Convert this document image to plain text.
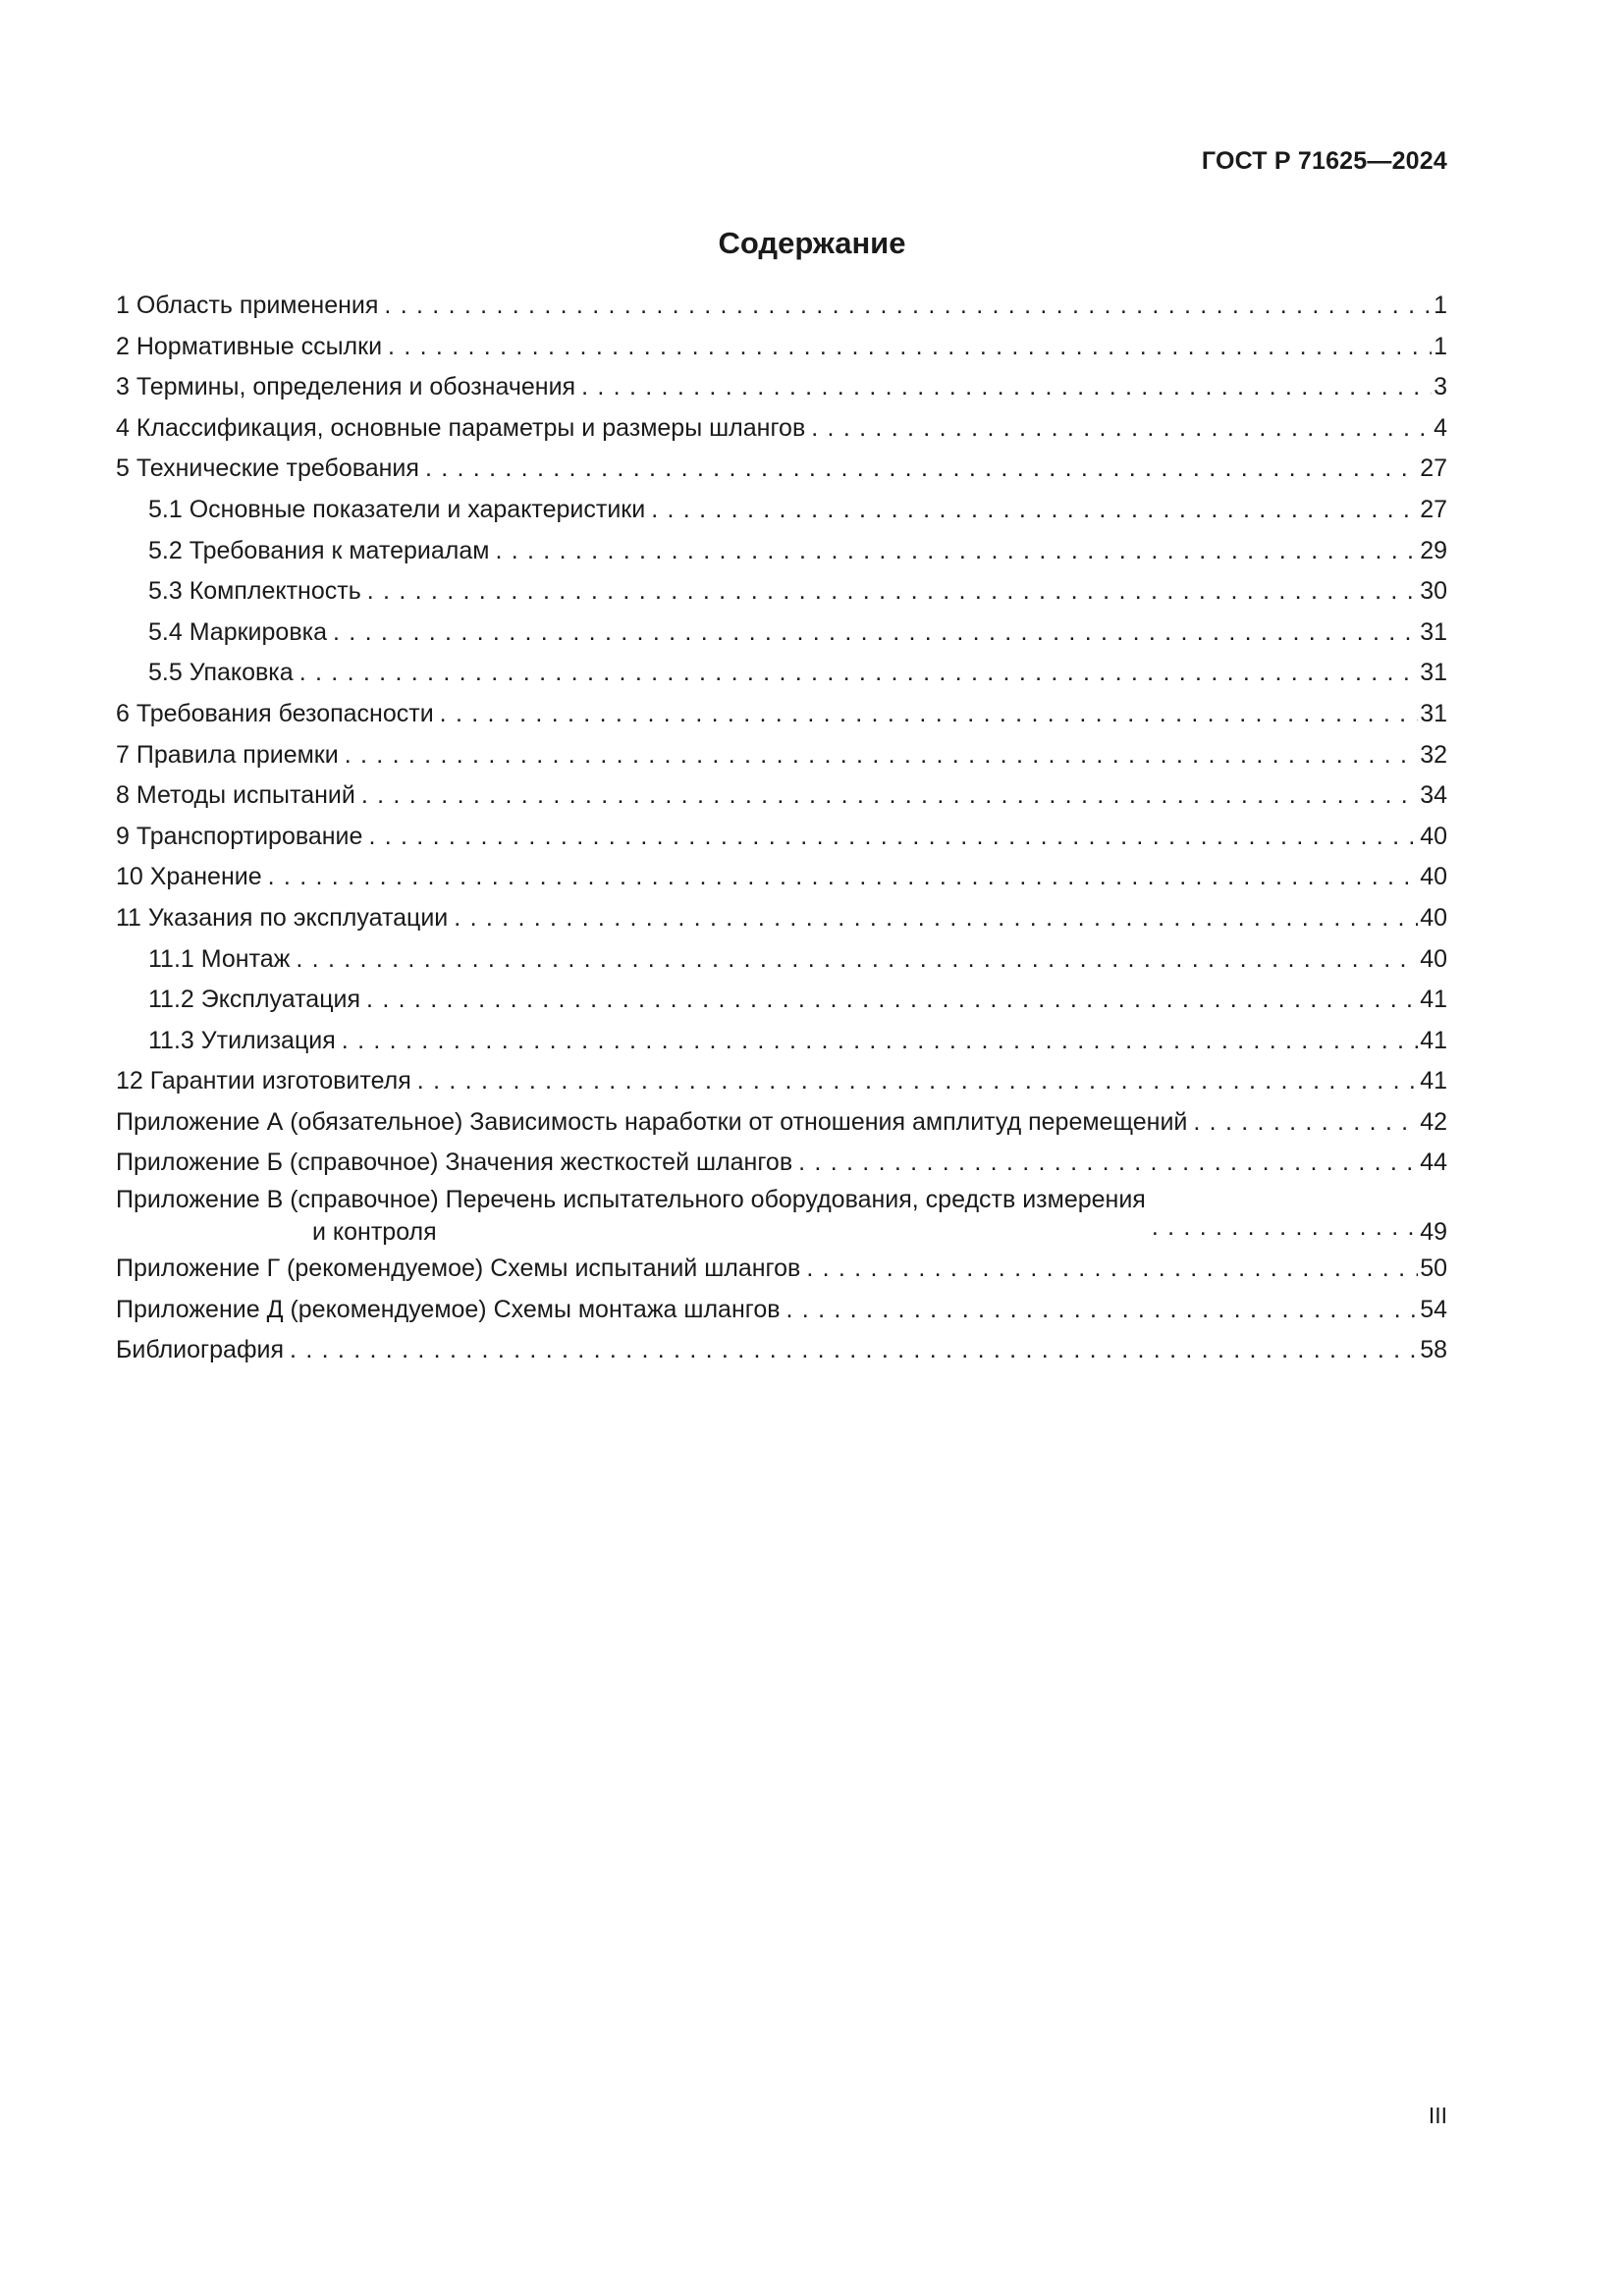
ГОСТ Р 71625—2024
Содержание
1 Область применения . . .	1
2 Нормативные ссылки . . .	1
3 Термины, определения и обозначения . . .	3
4 Классификация, основные параметры и размеры шлангов . . .	4
5 Технические требования . . .	27
5.1 Основные показатели и характеристики . . .	27
5.2 Требования к материалам . . .	29
5.3 Комплектность . . .	30
5.4 Маркировка . . .	31
5.5 Упаковка . . .	31
6 Требования безопасности . . .	31
7 Правила приемки . . .	32
8 Методы испытаний . . .	34
9 Транспортирование . . .	40
10 Хранение . . .	40
11 Указания по эксплуатации . . .	40
11.1 Монтаж . . .	40
11.2 Эксплуатация . . .	41
11.3 Утилизация . . .	41
12 Гарантии изготовителя . . .	41
Приложение А (обязательное) Зависимость наработки от отношения амплитуд перемещений . . .	42
Приложение Б (справочное) Значения жесткостей шлангов . . .	44
Приложение В (справочное) Перечень испытательного оборудования, средств измерения
и контроля . . .	49
Приложение Г (рекомендуемое) Схемы испытаний шлангов . . .	50
Приложение Д (рекомендуемое) Схемы монтажа шлангов . . .	54
Библиография . . .	58
III
